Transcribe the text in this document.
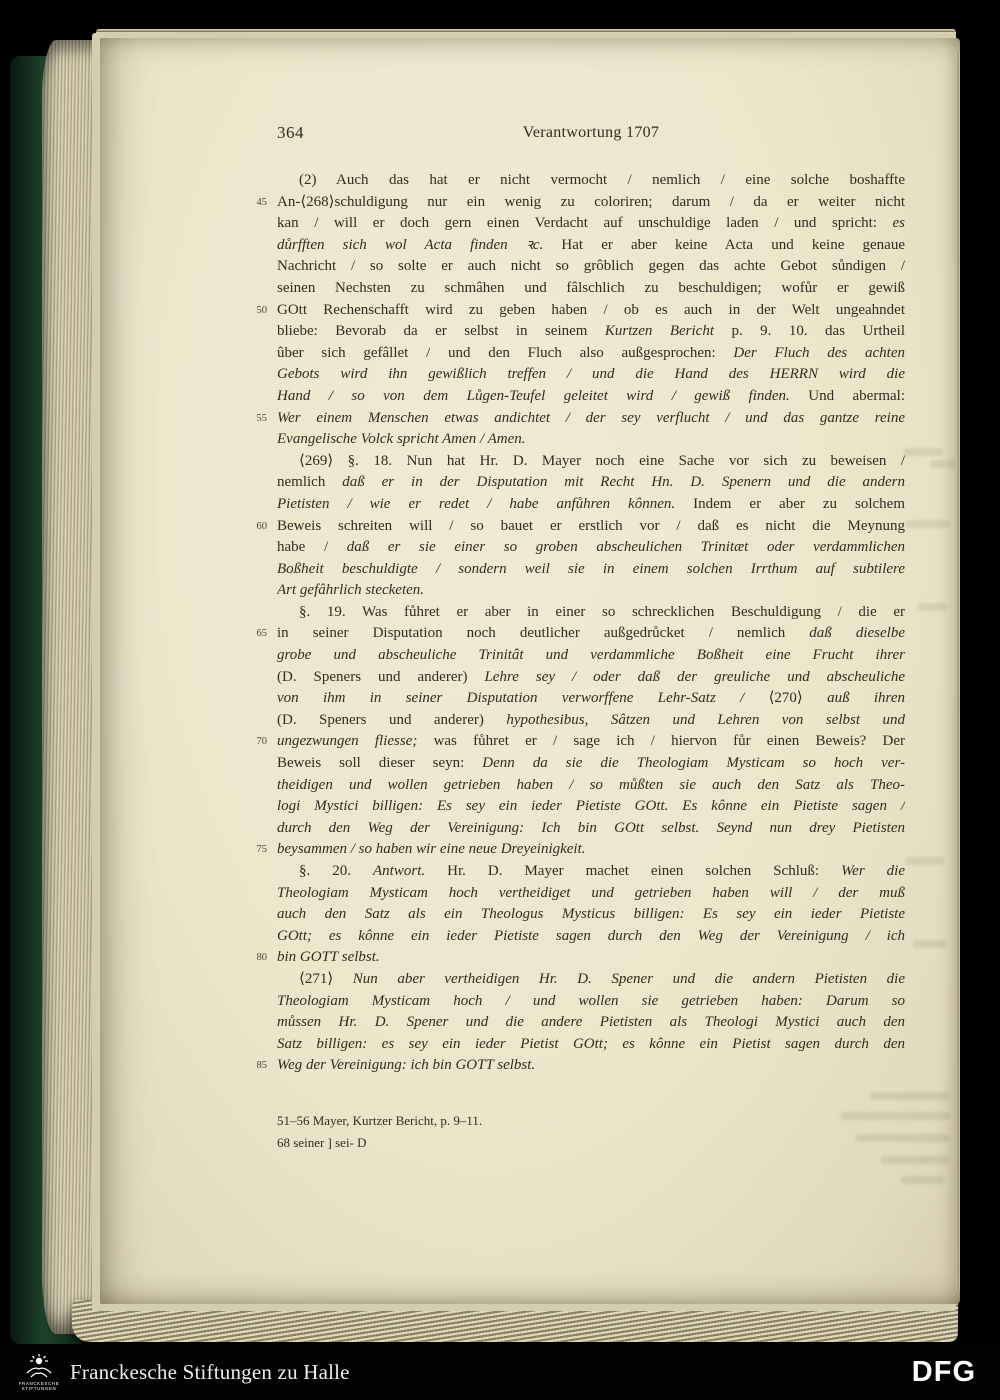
364	Verantwortung 1707
(2) Auch das hat er nicht vermocht / nemlich / eine solche boshaffte
45 An-⟨268⟩schuldigung nur ein wenig zu coloriren; darum / da er weiter nicht
kan / will er doch gern einen Verdacht auf unschuldige laden / und spricht: es
důrfften sich wol Acta finden ꝛc. Hat er aber keine Acta und keine genaue
Nachricht / so solte er auch nicht so grôblich gegen das achte Gebot sůndigen /
seinen Nechsten zu schmâhen und fâlschlich zu beschuldigen; wofůr er gewiß
50 GOtt Rechenschafft wird zu geben haben / ob es auch in der Welt ungeahndet
bliebe: Bevorab da er selbst in seinem Kurtzen Bericht p. 9. 10. das Urtheil
ûber sich gefâllet / und den Fluch also außgesprochen: Der Fluch des achten
Gebots wird ihn gewißlich treffen / und die Hand des HERRN wird die
Hand / so von dem Lůgen-Teufel geleitet wird / gewiß finden. Und abermal:
55 Wer einem Menschen etwas andichtet / der sey verflucht / und das gantze reine
Evangelische Volck spricht Amen / Amen.
⟨269⟩ §. 18. Nun hat Hr. D. Mayer noch eine Sache vor sich zu beweisen /
nemlich daß er in der Disputation mit Recht Hn. D. Spenern und die andern
Pietisten / wie er redet / habe anfůhren kônnen. Indem er aber zu solchem
60 Beweis schreiten will / so bauet er erstlich vor / daß es nicht die Meynung
habe / daß er sie einer so groben abscheulichen Trinitæt oder verdammlichen
Boßheit beschuldigte / sondern weil sie in einem solchen Irrthum auf subtilere
Art gefâhrlich stecketen.
§. 19. Was fůhret er aber in einer so schrecklichen Beschuldigung / die er
65 in seiner Disputation noch deutlicher außgedrůcket / nemlich daß dieselbe
grobe und abscheuliche Trinitât und verdammliche Boßheit eine Frucht ihrer
(D. Speners und anderer) Lehre sey / oder daß der greuliche und abscheuliche
von ihm in seiner Disputation verworffene Lehr-Satz / ⟨270⟩ auß ihren
(D. Speners und anderer) hypothesibus, Sâtzen und Lehren von selbst und
70 ungezwungen fliesse; was fůhret er / sage ich / hiervon fůr einen Beweis? Der
Beweis soll dieser seyn: Denn da sie die Theologiam Mysticam so hoch ver-
theidigen und wollen getrieben haben / so můßten sie auch den Satz als Theo-
logi Mystici billigen: Es sey ein ieder Pietiste GOtt. Es kônne ein Pietiste sagen /
durch den Weg der Vereinigung: Ich bin GOtt selbst. Seynd nun drey Pietisten
75 beysammen / so haben wir eine neue Dreyeinigkeit.
§. 20. Antwort. Hr. D. Mayer machet einen solchen Schluß: Wer die
Theologiam Mysticam hoch vertheidiget und getrieben haben will / der muß
auch den Satz als ein Theologus Mysticus billigen: Es sey ein ieder Pietiste
GOtt; es kônne ein ieder Pietiste sagen durch den Weg der Vereinigung / ich
80 bin GOTT selbst.
⟨271⟩ Nun aber vertheidigen Hr. D. Spener und die andern Pietisten die
Theologiam Mysticam hoch / und wollen sie getrieben haben: Darum so
můssen Hr. D. Spener und die andere Pietisten als Theologi Mystici auch den
Satz billigen: es sey ein ieder Pietist GOtt; es kônne ein Pietist sagen durch den
85 Weg der Vereinigung: ich bin GOTT selbst.
51–56 Mayer, Kurtzer Bericht, p. 9–11.
68 seiner ] sei- D
FRANCKESCHE
STIFTUNGEN
Franckesche Stiftungen zu Halle	DFG
